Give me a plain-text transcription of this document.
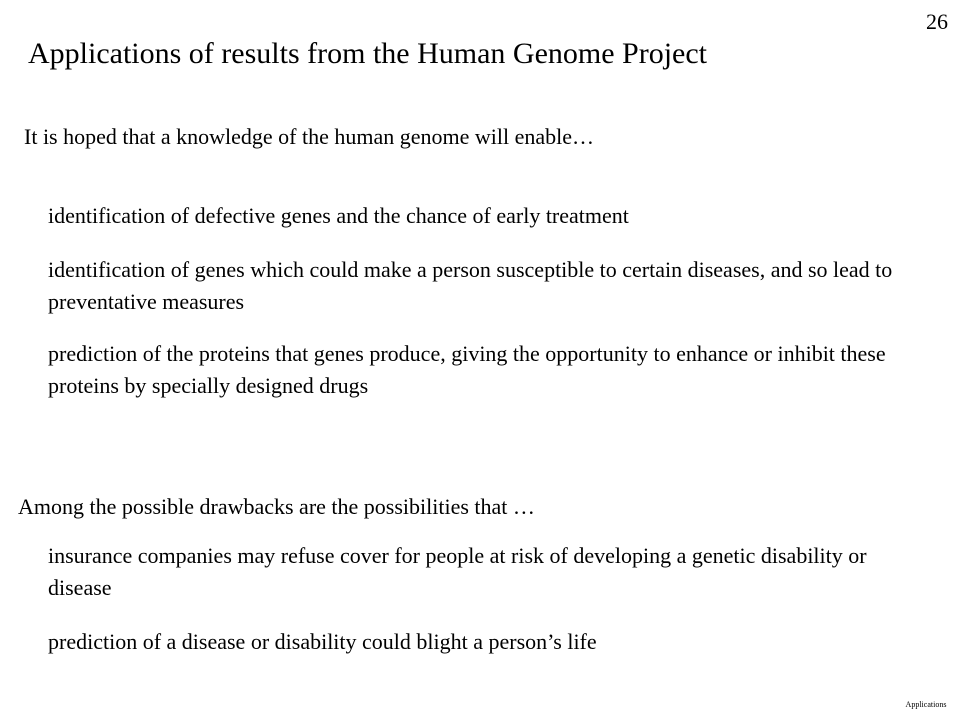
26
Applications of results from the Human Genome Project
It is hoped that a knowledge of the human genome will enable…
identification of defective genes and the chance of early treatment
identification of genes which could make a person susceptible to certain diseases, and so lead to preventative measures
prediction of the proteins that genes produce, giving the opportunity to enhance or inhibit these proteins by specially designed drugs
Among the possible drawbacks are the possibilities that …
insurance companies may refuse cover for people at risk of developing a genetic disability or disease
prediction of a disease or disability could blight a person’s life
Applications
